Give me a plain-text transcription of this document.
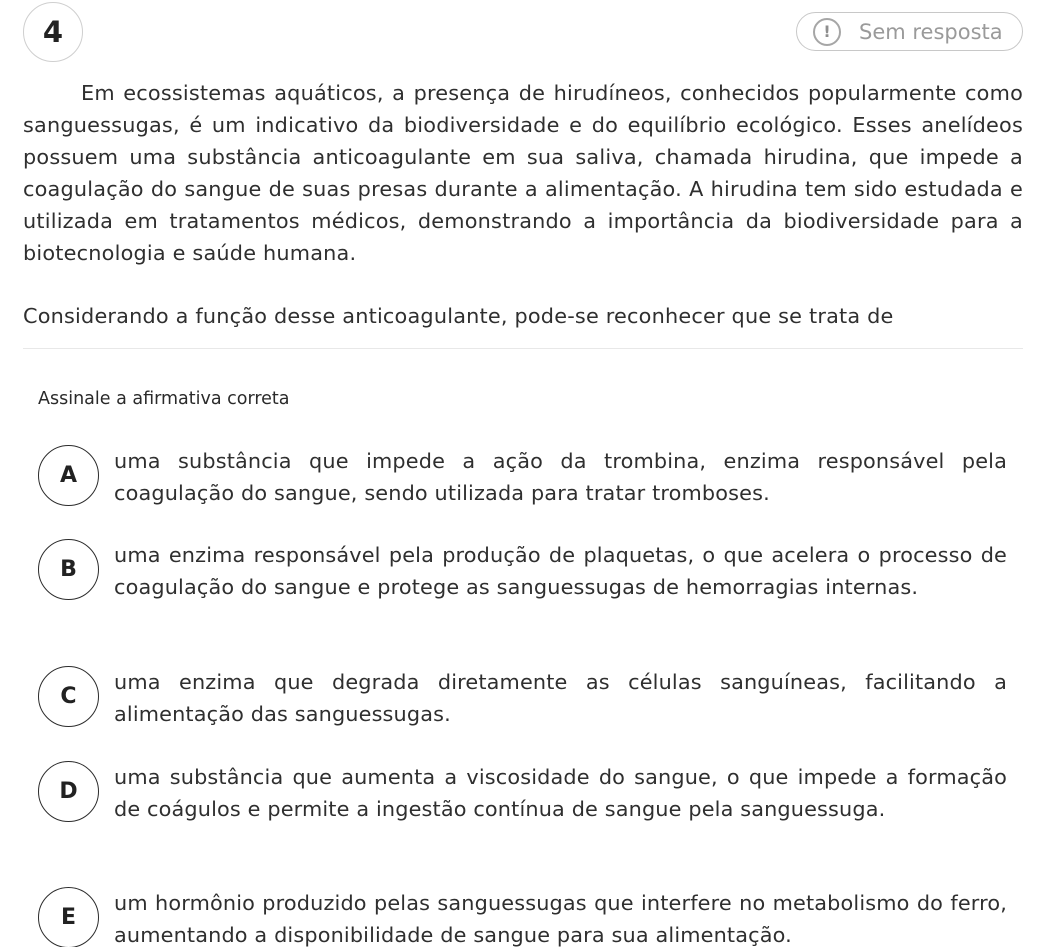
4	!	Sem resposta

Em ecossistemas aquáticos, a presença de hirudíneos, conhecidos popularmente como sanguessugas, é um indicativo da biodiversidade e do equilíbrio ecológico. Esses anelídeos possuem uma substância anticoagulante em sua saliva, chamada hirudina, que impede a coagulação do sangue de suas presas durante a alimentação. A hirudina tem sido estudada e utilizada em tratamentos médicos, demonstrando a importância da biodiversidade para a biotecnologia e saúde humana.

Considerando a função desse anticoagulante, pode-se reconhecer que se trata de
Assinale a afirmativa correta
A
uma substância que impede a ação da trombina, enzima responsável pela coagulação do sangue, sendo utilizada para tratar tromboses.
B
uma enzima responsável pela produção de plaquetas, o que acelera o processo de coagulação do sangue e protege as sanguessugas de hemorragias internas.
C
uma enzima que degrada diretamente as células sanguíneas, facilitando a alimentação das sanguessugas.
D
uma substância que aumenta a viscosidade do sangue, o que impede a formação de coágulos e permite a ingestão contínua de sangue pela sanguessuga.
E
um hormônio produzido pelas sanguessugas que interfere no metabolismo do ferro, aumentando a disponibilidade de sangue para sua alimentação.
